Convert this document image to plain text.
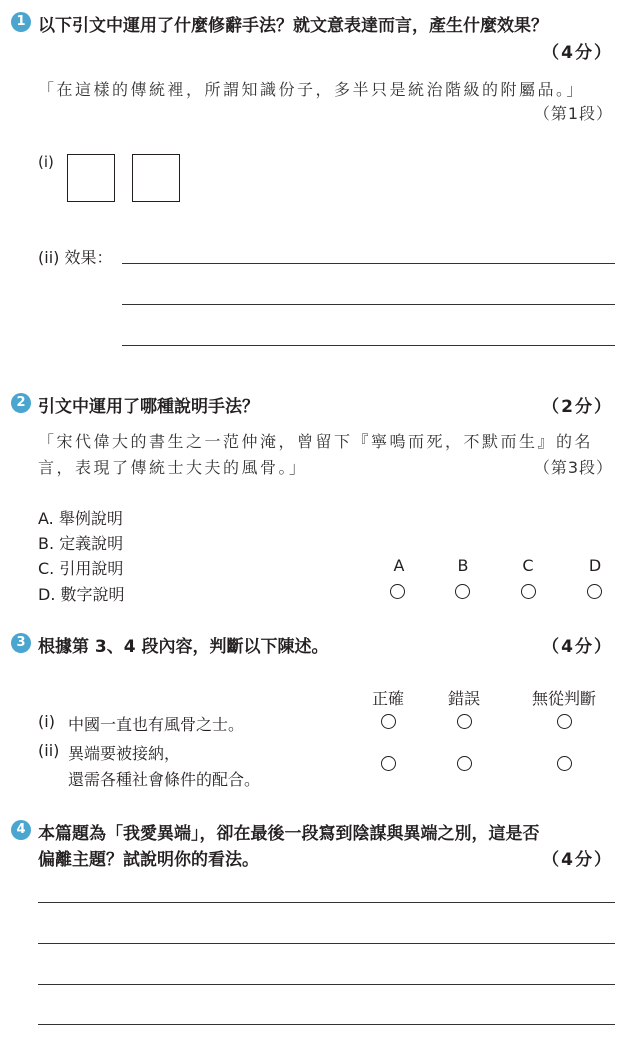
1 以下引文中運用了什麼修辭手法？就文意表達而言，產生什麼效果？
（4分）
「在這樣的傳統裡，所謂知識份子，多半只是統治階級的附屬品。」
（第1段）
(i)
(ii) 效果：
2 引文中運用了哪種說明手法？	（2分）
「宋代偉大的書生之一范仲淹，曾留下『寧鳴而死，不默而生』的名
言，表現了傳統士大夫的風骨。」	（第3段）
A. 舉例說明
B. 定義說明
C. 引用說明
D. 數字說明
A	B	C	D
3 根據第 3、4 段內容，判斷以下陳述。	（4分）
正確	錯誤	無從判斷
(i) 中國一直也有風骨之士。
(ii) 異端要被接納，
還需各種社會條件的配合。
4 本篇題為「我愛異端」，卻在最後一段寫到陰謀與異端之別，這是否
偏離主題？試說明你的看法。	（4分）
